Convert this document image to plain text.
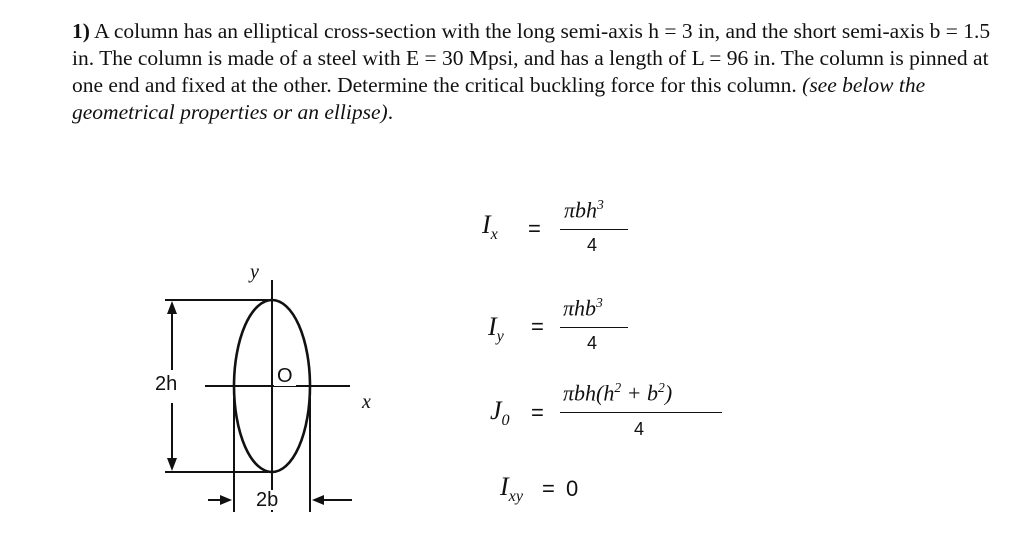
1) A column has an elliptical cross-section with the long semi-axis h = 3 in, and the short semi-axis b = 1.5 in. The column is made of a steel with E = 30 Mpsi, and has a length of L = 96 in. The column is pinned at one end and fixed at the other. Determine the critical buckling force for this column. (see below the geometrical properties or an ellipse).

y
x
O
2h
2b
$I_x$ =
πbh$^3$
4
$I_y$ =
πhb$^3$
4
$J_0$ =
$\pi bh(h^2 + b^2)$
4
$I_{xy} = 0$
